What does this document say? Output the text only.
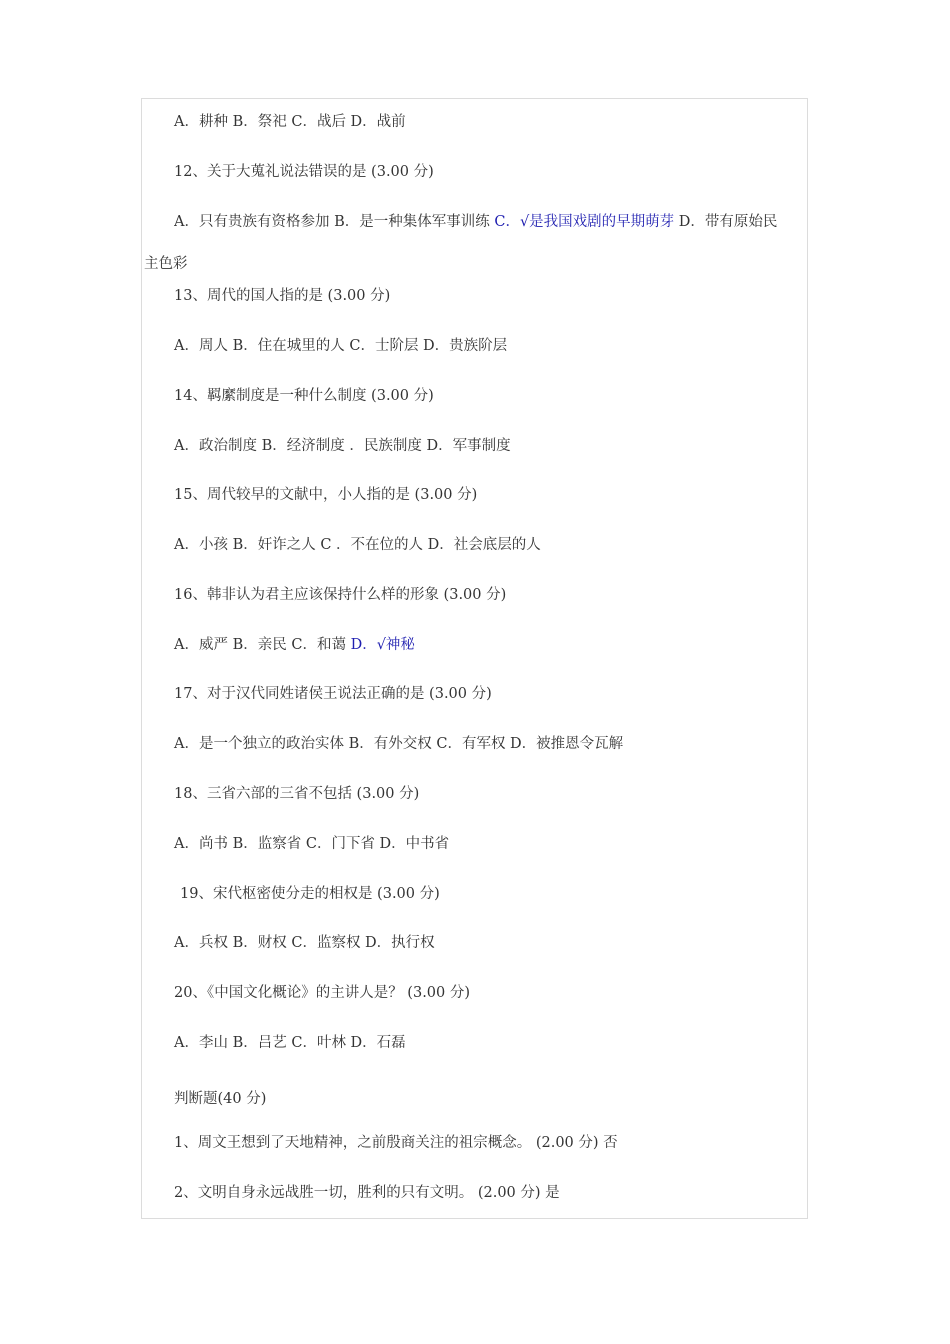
A．耕种 B．祭祀 C．战后 D．战前
12、关于大蒐礼说法错误的是 (3.00 分)
A．只有贵族有资格参加 B．是一种集体军事训练 C．√是我国戏剧的早期萌芽 D．带有原始民
主色彩
13、周代的国人指的是 (3.00 分)
A．周人 B．住在城里的人 C．士阶层 D．贵族阶层
14、羁縻制度是一种什么制度 (3.00 分)
A．政治制度 B．经济制度 ．民族制度 D．军事制度
15、周代较早的文献中，小人指的是 (3.00 分)
A．小孩 B．奸诈之人 C ．不在位的人 D．社会底层的人
16、韩非认为君主应该保持什么样的形象 (3.00 分)
A．威严 B．亲民 C．和蔼 D．√神秘
17、对于汉代同姓诸侯王说法正确的是 (3.00 分)
A．是一个独立的政治实体 B．有外交权 C．有军权 D．被推恩令瓦解
18、三省六部的三省不包括 (3.00 分)
A．尚书 B．监察省 C．门下省 D．中书省
19、宋代枢密使分走的相权是 (3.00 分)
A．兵权 B．财权 C．监察权 D．执行权
20、《中国文化概论》的主讲人是？ (3.00 分)
A．李山 B．吕艺 C．叶林 D．石磊
判断题(40 分)
1、周文王想到了天地精神，之前殷商关注的祖宗概念。 (2.00 分) 否
2、文明自身永远战胜一切，胜利的只有文明。 (2.00 分) 是
